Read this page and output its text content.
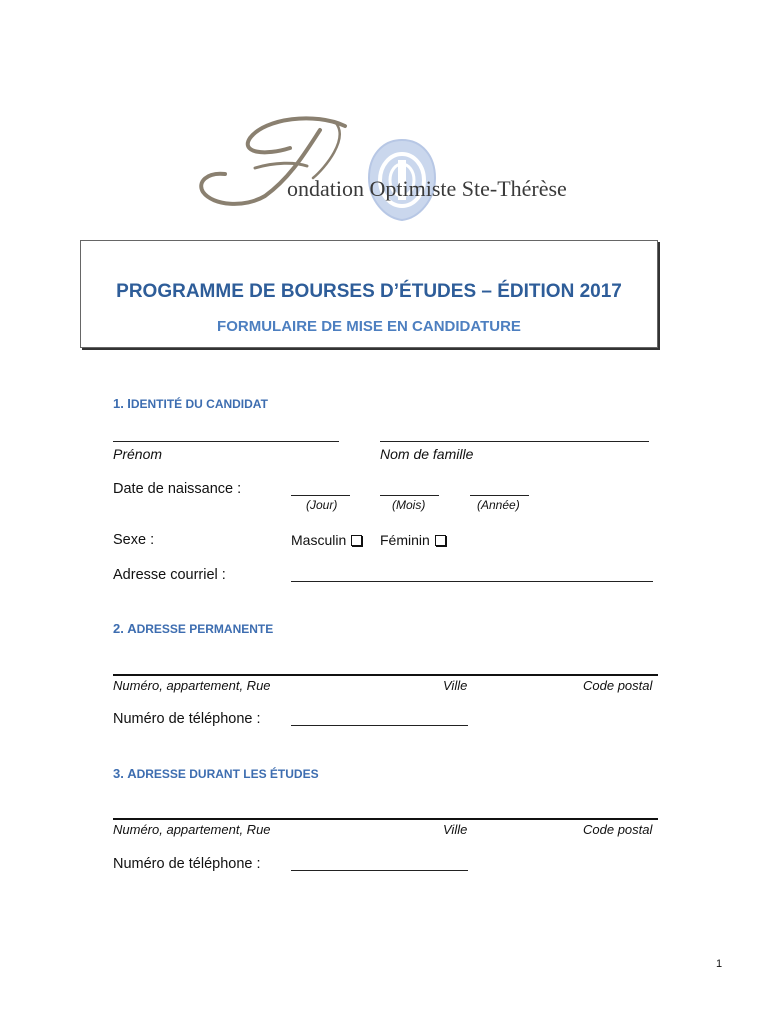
ondation Optimiste Ste-Thérèse
PROGRAMME DE BOURSES D’ÉTUDES – ÉDITION 2017
FORMULAIRE DE MISE EN CANDIDATURE
1. IDENTITÉ DU CANDIDAT
Prénom	Nom de famille
Date de naissance :
(Jour)	(Mois)	(Année)
Sexe :	Masculin	Féminin
Adresse courriel :
2. ADRESSE PERMANENTE
Numéro, appartement, Rue	Ville	Code postal
Numéro de téléphone :
3. ADRESSE DURANT LES ÉTUDES
Numéro, appartement, Rue	Ville	Code postal
Numéro de téléphone :
1
